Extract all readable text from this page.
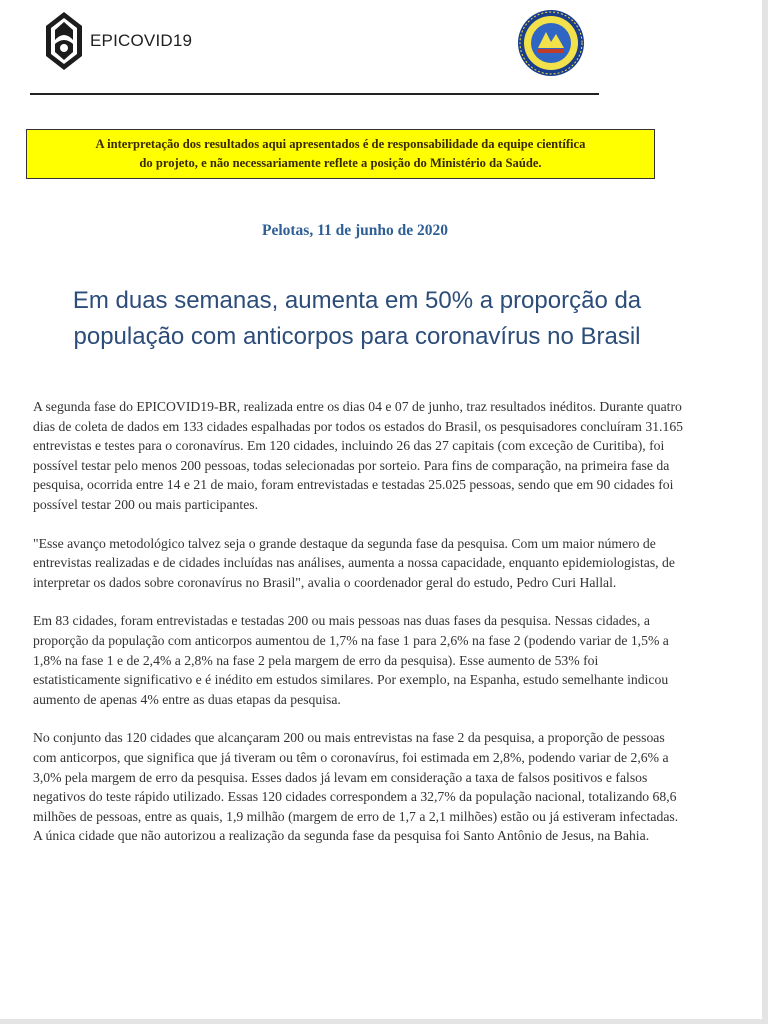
EPICOVID19
A interpretação dos resultados aqui apresentados é de responsabilidade da equipe científica
do projeto, e não necessariamente reflete a posição do Ministério da Saúde.
Pelotas, 11 de junho de 2020
Em duas semanas, aumenta em 50% a proporção da
população com anticorpos para coronavírus no Brasil

A segunda fase do EPICOVID19-BR, realizada entre os dias 04 e 07 de junho, traz resultados inéditos. Durante quatro dias de coleta de dados em 133 cidades espalhadas por todos os estados do Brasil, os pesquisadores concluíram 31.165 entrevistas e testes para o coronavírus. Em 120 cidades, incluindo 26 das 27 capitais (com exceção de Curitiba), foi possível testar pelo menos 200 pessoas, todas selecionadas por sorteio. Para fins de comparação, na primeira fase da pesquisa, ocorrida entre 14 e 21 de maio, foram entrevistadas e testadas 25.025 pessoas, sendo que em 90 cidades foi possível testar 200 ou mais participantes.

"Esse avanço metodológico talvez seja o grande destaque da segunda fase da pesquisa. Com um maior número de entrevistas realizadas e de cidades incluídas nas análises, aumenta a nossa capacidade, enquanto epidemiologistas, de interpretar os dados sobre coronavírus no Brasil", avalia o coordenador geral do estudo, Pedro Curi Hallal.

Em 83 cidades, foram entrevistadas e testadas 200 ou mais pessoas nas duas fases da pesquisa. Nessas cidades, a proporção da população com anticorpos aumentou de 1,7% na fase 1 para 2,6% na fase 2 (podendo variar de 1,5% a 1,8% na fase 1 e de 2,4% a 2,8% na fase 2 pela margem de erro da pesquisa). Esse aumento de 53% foi estatisticamente significativo e é inédito em estudos similares. Por exemplo, na Espanha, estudo semelhante indicou aumento de apenas 4% entre as duas etapas da pesquisa.

No conjunto das 120 cidades que alcançaram 200 ou mais entrevistas na fase 2 da pesquisa, a proporção de pessoas com anticorpos, que significa que já tiveram ou têm o coronavírus, foi estimada em 2,8%, podendo variar de 2,6% a 3,0% pela margem de erro da pesquisa. Esses dados já levam em consideração a taxa de falsos positivos e falsos negativos do teste rápido utilizado. Essas 120 cidades correspondem a 32,7% da população nacional, totalizando 68,6 milhões de pessoas, entre as quais, 1,9 milhão (margem de erro de 1,7 a 2,1 milhões) estão ou já estiveram infectadas. A única cidade que não autorizou a realização da segunda fase da pesquisa foi Santo Antônio de Jesus, na Bahia.
